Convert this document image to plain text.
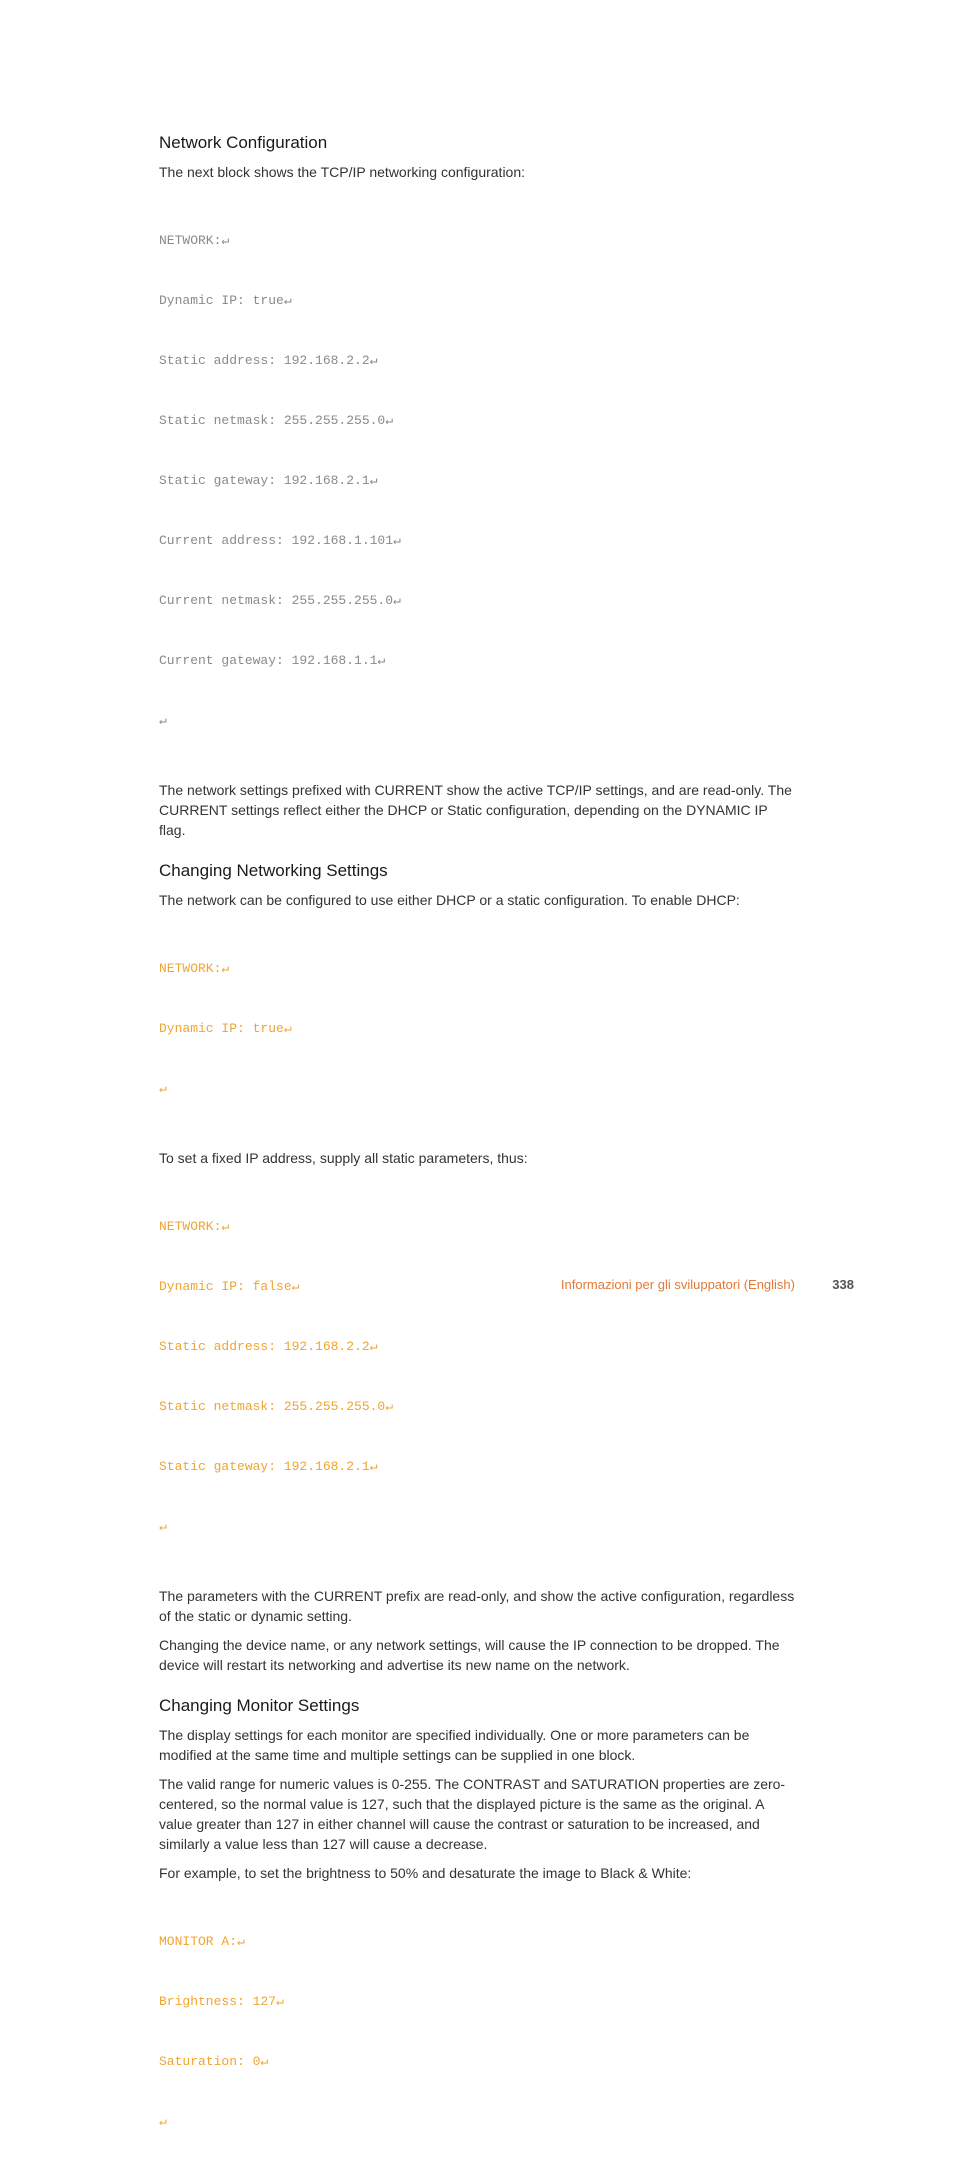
Network Configuration

The next block shows the TCP/IP networking configuration:

NETWORK:↵

Dynamic IP: true↵

Static address: 192.168.2.2↵

Static netmask: 255.255.255.0↵

Static gateway: 192.168.2.1↵

Current address: 192.168.1.101↵

Current netmask: 255.255.255.0↵

Current gateway: 192.168.1.1↵

↵

The network settings prefixed with CURRENT show the active TCP/IP settings, and are read-only. The CURRENT settings reflect either the DHCP or Static configuration, depending on the DYNAMIC IP flag.

Changing Networking Settings

The network can be configured to use either DHCP or a static configuration. To enable DHCP:

NETWORK:↵

Dynamic IP: true↵

↵

To set a fixed IP address, supply all static parameters, thus:

NETWORK:↵

Dynamic IP: false↵

Static address: 192.168.2.2↵

Static netmask: 255.255.255.0↵

Static gateway: 192.168.2.1↵

↵

The parameters with the CURRENT prefix are read-only, and show the active configuration, regardless of the static or dynamic setting.

Changing the device name, or any network settings, will cause the IP connection to be dropped. The device will restart its networking and advertise its new name on the network.

Changing Monitor Settings

The display settings for each monitor are specified individually. One or more parameters can be modified at the same time and multiple settings can be supplied in one block.

The valid range for numeric values is 0-255. The CONTRAST and SATURATION properties are zero-centered, so the normal value is 127, such that the displayed picture is the same as the original. A value greater than 127 in either channel will cause the contrast or saturation to be increased, and similarly a value less than 127 will cause a decrease.

For example, to set the brightness to 50% and desaturate the image to Black & White:

MONITOR A:↵

Brightness: 127↵

Saturation: 0↵

↵

Informazioni per gli sviluppatori (English)	338
